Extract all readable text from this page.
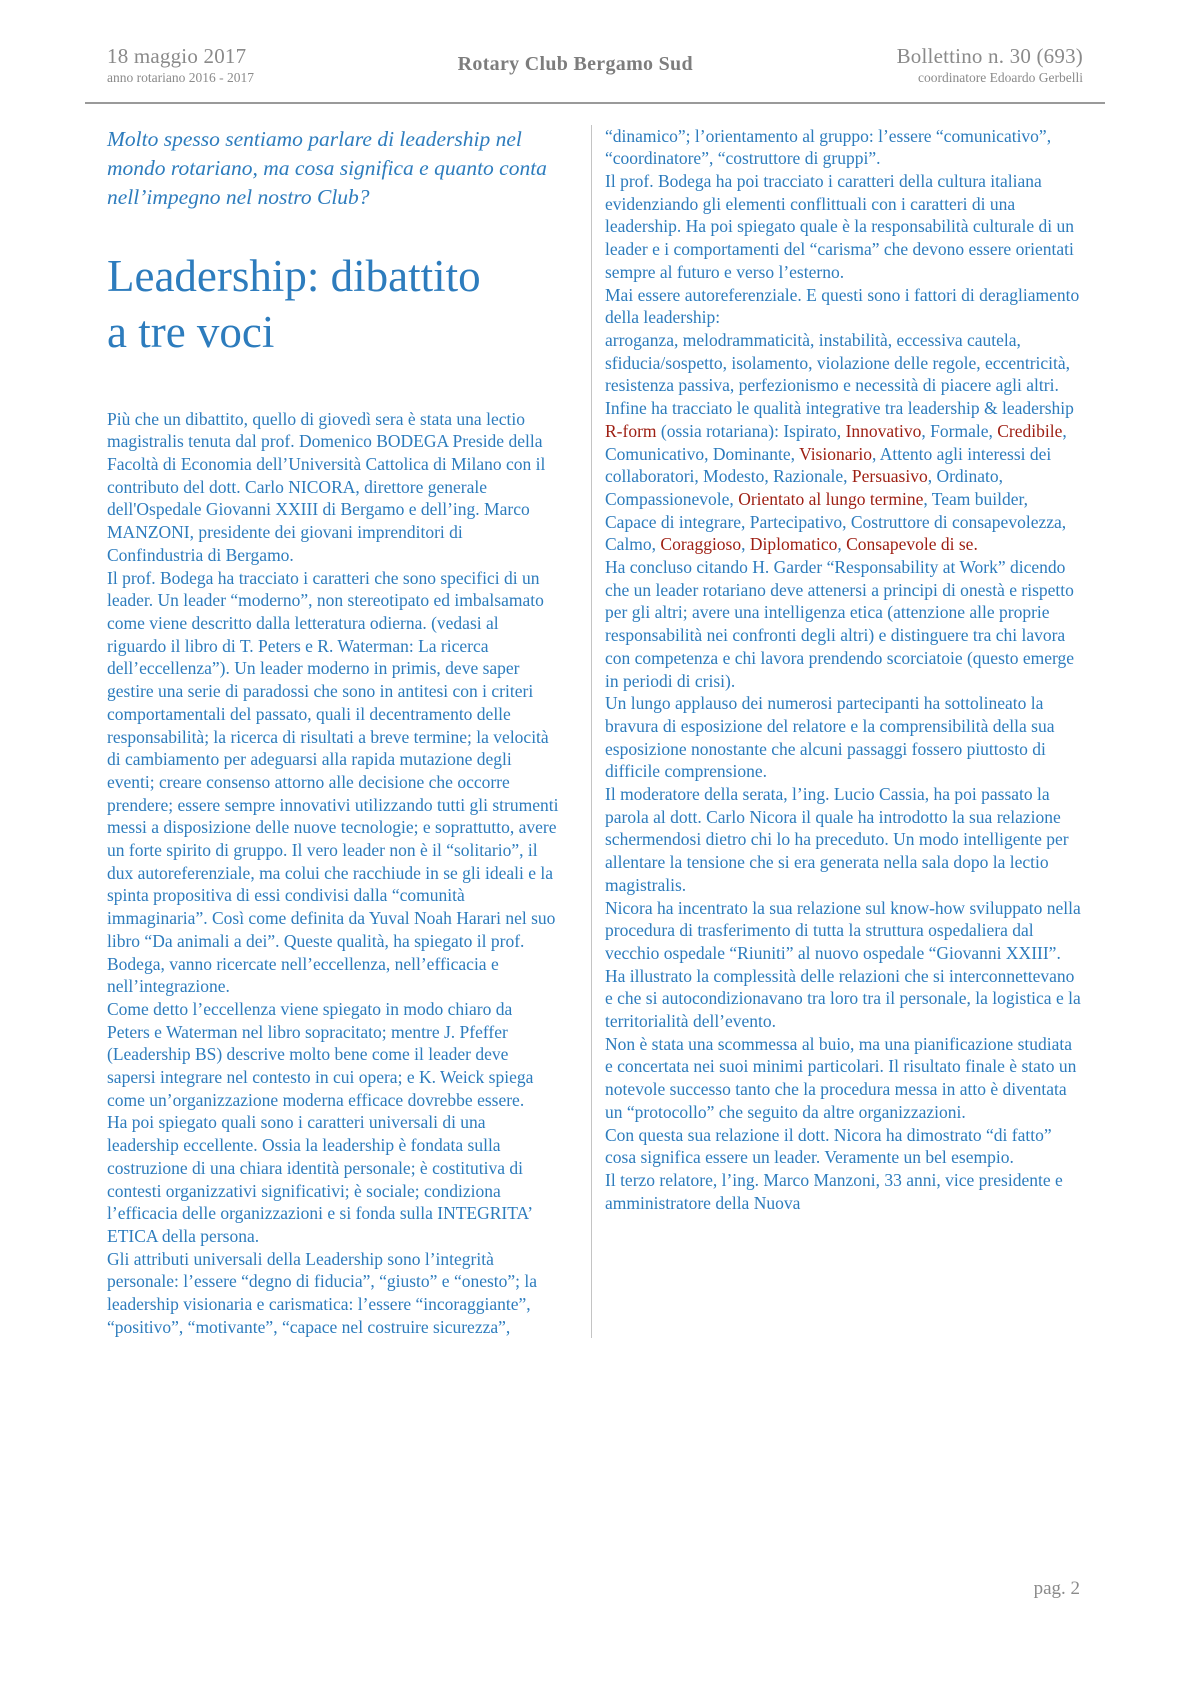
18 maggio 2017
anno rotariano 2016 - 2017
Rotary Club Bergamo Sud	Bollettino n. 30 (693)
coordinatore Edoardo Gerbelli

Molto spesso sentiamo parlare di leadership nel mondo rotariano, ma cosa significa e quanto conta nell’impegno nel nostro Club?

Leadership: dibattito
a tre voci

Più che un dibattito, quello di giovedì sera è stata una lectio magistralis tenuta dal prof. Domenico BODEGA Preside della Facoltà di Economia dell’Università Cattolica di Milano con il contributo del dott. Carlo NICORA, direttore generale dell'Ospedale Giovanni XXIII di Bergamo e dell’ing. Marco MANZONI, presidente dei giovani imprenditori di Confindustria di Bergamo.

Il prof. Bodega ha tracciato i caratteri che sono specifici di un leader. Un leader “moderno”, non stereotipato ed imbalsamato come viene descritto dalla letteratura odierna. (vedasi al riguardo il libro di T. Peters e R. Waterman: La ricerca dell’eccellenza”). Un leader moderno in primis, deve saper gestire una serie di paradossi che sono in antitesi con i criteri comportamentali del passato, quali il decentramento delle responsabilità; la ricerca di risultati a breve termine; la velocità di cambiamento per adeguarsi alla rapida mutazione degli eventi; creare consenso attorno alle decisione che occorre prendere; essere sempre innovativi utilizzando tutti gli strumenti messi a disposizione delle nuove tecnologie; e soprattutto, avere un forte spirito di gruppo. Il vero leader non è il “solitario”, il dux autoreferenziale, ma colui che racchiude in se gli ideali e la spinta propositiva di essi condivisi dalla “comunità immaginaria”. Così come definita da Yuval Noah Harari nel suo libro “Da animali a dei”. Queste qualità, ha spiegato il prof. Bodega, vanno ricercate nell’eccellenza, nell’efficacia e nell’integrazione.

Come detto l’eccellenza viene spiegato in modo chiaro da Peters e Waterman nel libro sopracitato; mentre J. Pfeffer (Leadership BS) descrive molto bene come il leader deve sapersi integrare nel contesto in cui opera; e K. Weick spiega come un’organizzazione moderna efficace dovrebbe essere.

Ha poi spiegato quali sono i caratteri universali di una leadership eccellente. Ossia la leadership è fondata sulla costruzione di una chiara identità personale; è costitutiva di contesti organizzativi significativi; è sociale; condiziona l’efficacia delle organizzazioni e si fonda sulla INTEGRITA’ ETICA della persona.

Gli attributi universali della Leadership sono l’integrità personale: l’essere “degno di fiducia”, “giusto” e “onesto”; la leadership visionaria e carismatica: l’essere “incoraggiante”, “positivo”, “motivante”, “capace nel costruire sicurezza”,

“dinamico”; l’orientamento al gruppo: l’essere “comunicativo”, “coordinatore”, “costruttore di gruppi”.

Il prof. Bodega ha poi tracciato i caratteri della cultura italiana evidenziando gli elementi conflittuali con i caratteri di una leadership. Ha poi spiegato quale è la responsabilità culturale di un leader e i comportamenti del “carisma” che devono essere orientati sempre al futuro e verso l’esterno.

Mai essere autoreferenziale. E questi sono i fattori di deragliamento della leadership:

arroganza, melodrammaticità, instabilità, eccessiva cautela, sfiducia/sospetto, isolamento, violazione delle regole, eccentricità, resistenza passiva, perfezionismo e necessità di piacere agli altri.

Infine ha tracciato le qualità integrative tra leadership & leadership R-form (ossia rotariana): Ispirato, Innovativo, Formale, Credibile, Comunicativo, Dominante, Visionario, Attento agli interessi dei collaboratori, Modesto, Razionale, Persuasivo, Ordinato, Compassionevole, Orientato al lungo termine, Team builder, Capace di integrare, Partecipativo, Costruttore di consapevolezza, Calmo, Coraggioso, Diplomatico, Consapevole di se.

Ha concluso citando H. Garder “Responsability at Work” dicendo che un leader rotariano deve attenersi a principi di onestà e rispetto per gli altri; avere una intelligenza etica (attenzione alle proprie responsabilità nei confronti degli altri) e distinguere tra chi lavora con competenza e chi lavora prendendo scorciatoie (questo emerge in periodi di crisi).

Un lungo applauso dei numerosi partecipanti ha sottolineato la bravura di esposizione del relatore e la comprensibilità della sua esposizione nonostante che alcuni passaggi fossero piuttosto di difficile comprensione.

Il moderatore della serata, l’ing. Lucio Cassia, ha poi passato la parola al dott. Carlo Nicora il quale ha introdotto la sua relazione schermendosi dietro chi lo ha preceduto. Un modo intelligente per allentare la tensione che si era generata nella sala dopo la lectio magistralis.

Nicora ha incentrato la sua relazione sul know-how sviluppato nella procedura di trasferimento di tutta la struttura ospedaliera dal vecchio ospedale “Riuniti” al nuovo ospedale “Giovanni XXIII”. Ha illustrato la complessità delle relazioni che si interconnettevano e che si autocondizionavano tra loro tra il personale, la logistica e la territorialità dell’evento.

Non è stata una scommessa al buio, ma una pianificazione studiata e concertata nei suoi minimi particolari. Il risultato finale è stato un notevole successo tanto che la procedura messa in atto è diventata un “protocollo” che seguito da altre organizzazioni.

Con questa sua relazione il dott. Nicora ha dimostrato “di fatto” cosa significa essere un leader. Veramente un bel esempio.

Il terzo relatore, l’ing. Marco Manzoni, 33 anni, vice presidente e amministratore della Nuova

pag. 2
